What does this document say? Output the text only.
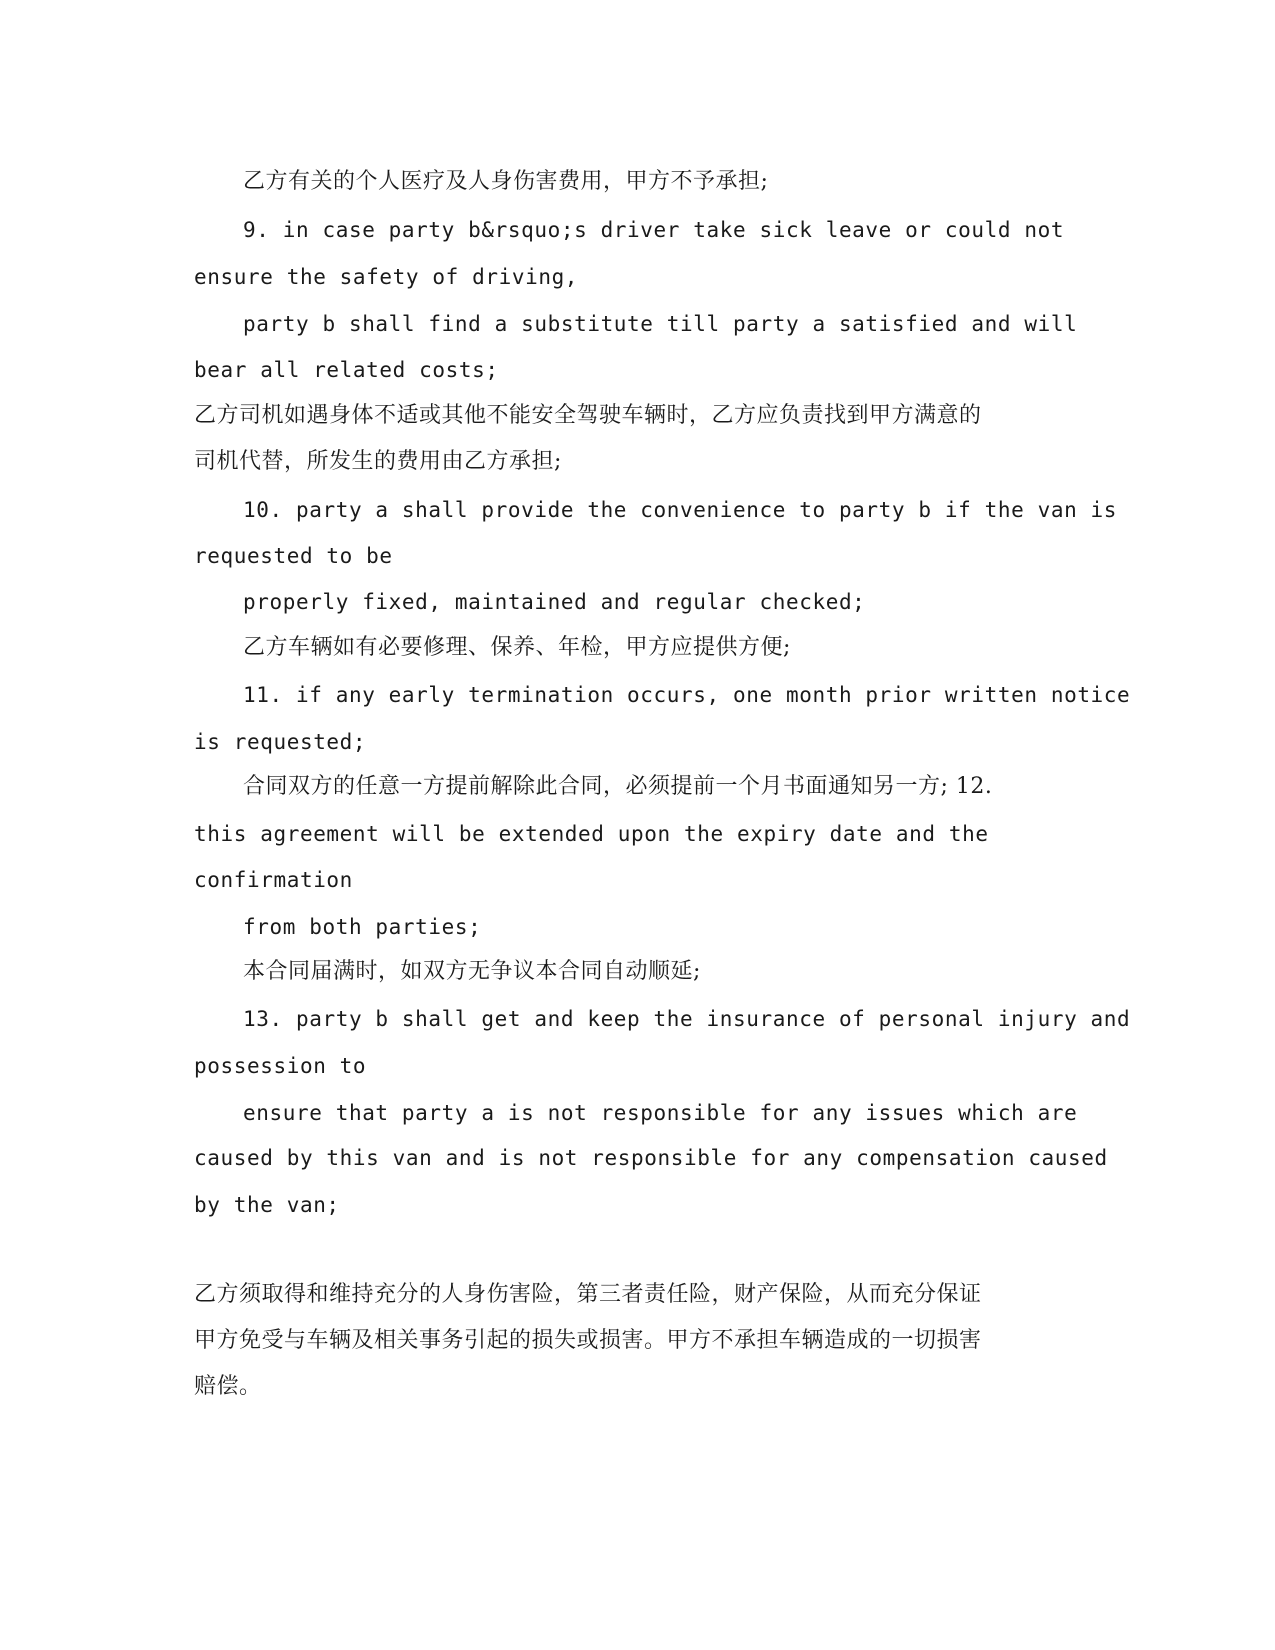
乙方有关的个人医疗及人身伤害费用，甲方不予承担;
9. in case party b&rsquo;s driver take sick leave or could not
ensure the safety of driving,
party b shall find a substitute till party a satisfied and will
bear all related costs;
乙方司机如遇身体不适或其他不能安全驾驶车辆时，乙方应负责找到甲方满意的
司机代替，所发生的费用由乙方承担;
10. party a shall provide the convenience to party b if the van is
requested to be
properly fixed, maintained and regular checked;
乙方车辆如有必要修理、保养、年检，甲方应提供方便;
11. if any early termination occurs, one month prior written notice
is requested;
合同双方的任意一方提前解除此合同，必须提前一个月书面通知另一方; 12.
this agreement will be extended upon the expiry date and the
confirmation
from both parties;
本合同届满时，如双方无争议本合同自动顺延;
13. party b shall get and keep the insurance of personal injury and
possession to
ensure that party a is not responsible for any issues which are
caused by this van and is not responsible for any compensation caused
by the van;
乙方须取得和维持充分的人身伤害险，第三者责任险，财产保险，从而充分保证
甲方免受与车辆及相关事务引起的损失或损害。甲方不承担车辆造成的一切损害
赔偿。
